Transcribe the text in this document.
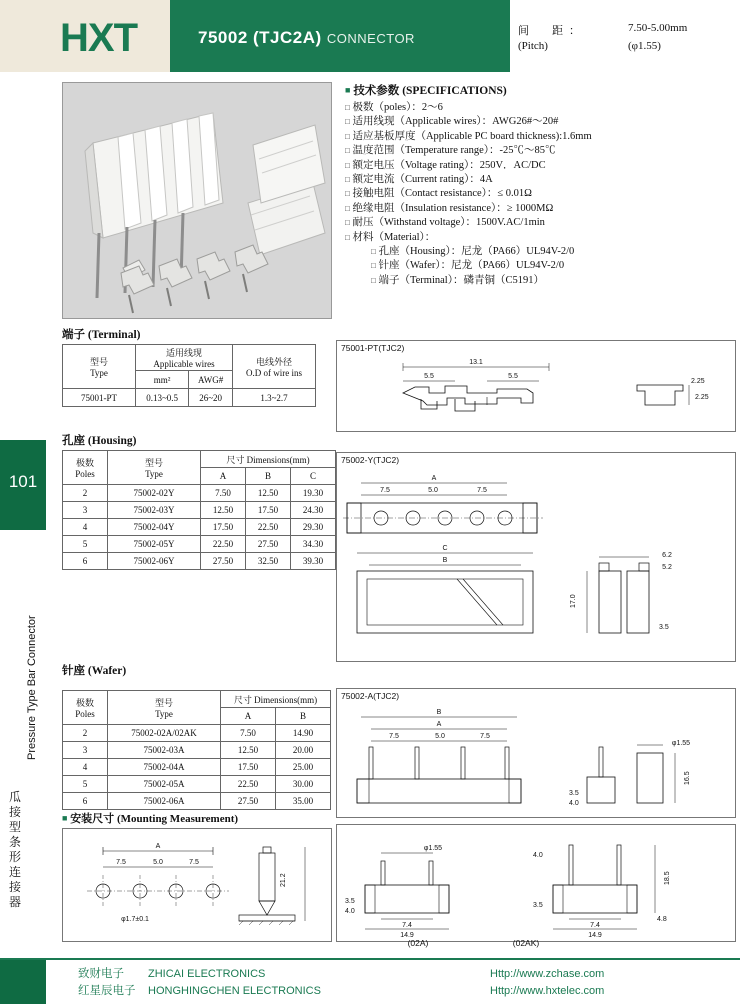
HXT	75002 (TJC2A) CONNECTOR	间　距：	7.50-5.00mm
(Pitch)	(φ1.55)
101
瓜接型条形连接器
Pressure Type Bar Connector
■ 技术参数 (SPECIFICATIONS)
□ 极数（poles）：2～6
□ 适用线现（Applicable wires）：AWG26#～20#
□ 适应基板厚度（Applicable PC board thickness):1.6mm
□ 温度范围（Temperature range）：-25℃～85℃
□ 额定电压（Voltage rating）：250V．AC/DC
□ 额定电流（Current rating）：4A
□ 接触电阻（Contact resistance）：≤ 0.01Ω
□ 绝缘电阻（Insulation resistance）：≥ 1000MΩ
□ 耐压（Withstand voltage）：1500V.AC/1min
□ 材料（Material）：
□ 孔座（Housing）：尼龙（PA66）UL94V-2/0
□ 针座（Wafer）：尼龙（PA66）UL94V-2/0
□ 端子（Terminal）：磷青铜（C5191）
端子 (Terminal)
型号
Type	适用线现
Applicable wires		电线外径
O.D of wire ins
	mm²	AWG#	
75001-PT	0.13~0.5	26~20	1.3~2.7

孔座 (Housing)
极数
Poles	型号
Type	尺寸 Dimensions(mm)		
		A	B	C
2	75002-02Y	7.50	12.50	19.30
3	75002-03Y	12.50	17.50	24.30
4	75002-04Y	17.50	22.50	29.30
5	75002-05Y	22.50	27.50	34.30
6	75002-06Y	27.50	32.50	39.30
针座 (Wafer)
极数
Poles	型号
Type	尺寸 Dimensions(mm)	
		A	B
2	75002-02A/02AK	7.50	14.90
3	75002-03A	12.50	20.00
4	75002-04A	17.50	25.00
5	75002-05A	22.50	30.00
6	75002-06A	27.50	35.00
■ 安装尺寸 (Mounting Measurement)
A
7.5	5.0	7.5
φ1.7±0.1
21.2
75001-PT(TJC2)
13.1
5.5	5.5
2.25
2.25
75002-Y(TJC2)
A
7.5	5.0	7.5
C
B
6.2
5.2
17.0
3.5
75002-A(TJC2)
B
A
7.5	5.0	7.5
φ1.55
16.5
3.5
4.0
φ1.55
7.4
14.9
3.5
4.0
4.0
7.4
14.9
18.5
4.8
3.5
(02A)	(02AK)
致财电子
红星辰电子
ZHICAI ELECTRONICS
HONGHINGCHEN ELECTRONICS
Http://www.zchase.com
Http://www.hxtelec.com
